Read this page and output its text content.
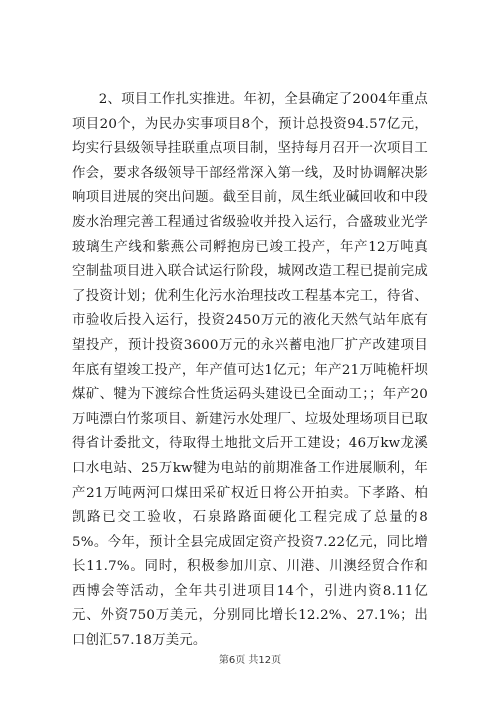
2、项目工作扎实推进。年初，全县确定了2004年重点项目20个，为民办实事项目8个，预计总投资94.57亿元，均实行县级领导挂联重点项目制，坚持每月召开一次项目工作会，要求各级领导干部经常深入第一线，及时协调解决影响项目进展的突出问题。截至目前，凤生纸业碱回收和中段废水治理完善工程通过省级验收并投入运行，合盛玻业光学玻璃生产线和紫燕公司孵抱房已竣工投产，年产12万吨真空制盐项目进入联合试运行阶段，城网改造工程已提前完成了投资计划；优利生化污水治理技改工程基本完工，待省、市验收后投入运行，投资2450万元的液化天然气站年底有望投产，预计投资3600万元的永兴蓄电池厂扩产改建项目年底有望竣工投产，年产值可达1亿元；年产21万吨桅杆坝煤矿、犍为下渡综合性货运码头建设已全面动工；；年产20万吨漂白竹浆项目、新建污水处理厂、垃圾处理场项目已取得省计委批文，待取得土地批文后开工建设；46万kw龙溪口水电站、25万kw犍为电站的前期准备工作进展顺利，年产21万吨两河口煤田采矿权近日将公开拍卖。下孝路、柏凯路已交工验收，石泉路路面硬化工程完成了总量的85%。今年，预计全县完成固定资产投资7.22亿元，同比增长11.7%。同时，积极参加川京、川港、川澳经贸合作和西博会等活动，全年共引进项目14个，引进内资8.11亿元、外资750万美元，分别同比增长12.2%、27.1%；出口创汇57.18万美元。

第6页 共12页
